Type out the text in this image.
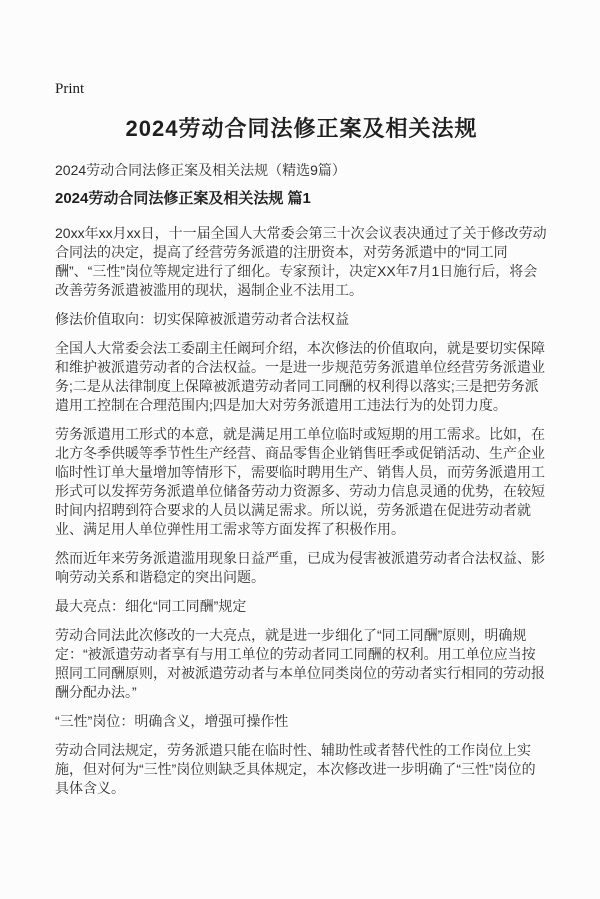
Print
2024劳动合同法修正案及相关法规

2024劳动合同法修正案及相关法规（精选9篇）

2024劳动合同法修正案及相关法规 篇1

20xx年xx月xx日，十一届全国人大常委会第三十次会议表决通过了关于修改劳动合同法的决定，提高了经营劳务派遣的注册资本，对劳务派遣中的“同工同酬”、“三性”岗位等规定进行了细化。专家预计，决定XX年7月1日施行后，将会改善劳务派遣被滥用的现状，遏制企业不法用工。

修法价值取向：切实保障被派遣劳动者合法权益

全国人大常委会法工委副主任阚珂介绍，本次修法的价值取向，就是要切实保障和维护被派遣劳动者的合法权益。一是进一步规范劳务派遣单位经营劳务派遣业务;二是从法律制度上保障被派遣劳动者同工同酬的权利得以落实;三是把劳务派遣用工控制在合理范围内;四是加大对劳务派遣用工违法行为的处罚力度。

劳务派遣用工形式的本意，就是满足用工单位临时或短期的用工需求。比如，在北方冬季供暖等季节性生产经营、商品零售企业销售旺季或促销活动、生产企业临时性订单大量增加等情形下，需要临时聘用生产、销售人员，而劳务派遣用工形式可以发挥劳务派遣单位储备劳动力资源多、劳动力信息灵通的优势，在较短时间内招聘到符合要求的人员以满足需求。所以说，劳务派遣在促进劳动者就业、满足用人单位弹性用工需求等方面发挥了积极作用。

然而近年来劳务派遣滥用现象日益严重，已成为侵害被派遣劳动者合法权益、影响劳动关系和谐稳定的突出问题。

最大亮点：细化“同工同酬”规定

劳动合同法此次修改的一大亮点，就是进一步细化了“同工同酬”原则，明确规定：“被派遣劳动者享有与用工单位的劳动者同工同酬的权利。用工单位应当按照同工同酬原则，对被派遣劳动者与本单位同类岗位的劳动者实行相同的劳动报酬分配办法。”

“三性”岗位：明确含义，增强可操作性

劳动合同法规定，劳务派遣只能在临时性、辅助性或者替代性的工作岗位上实施，但对何为“三性”岗位则缺乏具体规定，本次修改进一步明确了“三性”岗位的具体含义。
